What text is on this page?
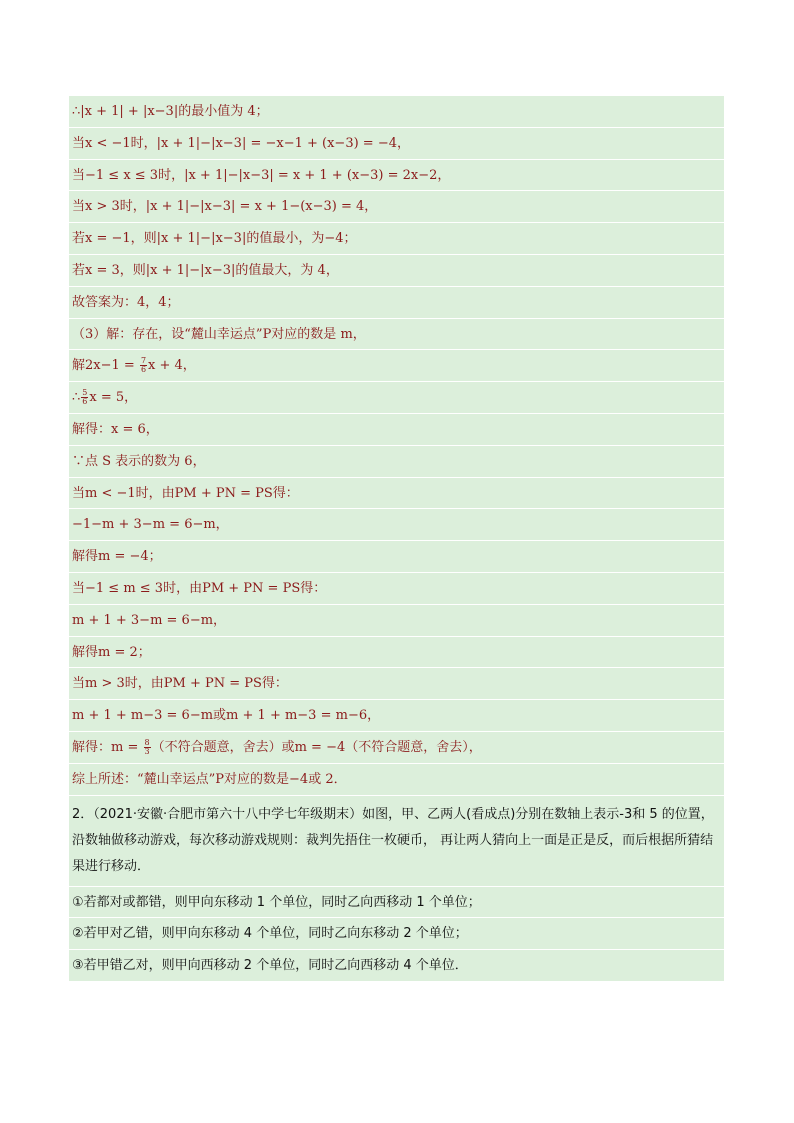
∴|x + 1| + |x−3|的最小值为 4；
当x < −1时，|x + 1|−|x−3| = −x−1 + (x−3) = −4，
当−1 ≤ x ≤ 3时，|x + 1|−|x−3| = x + 1 + (x−3) = 2x−2，
当x > 3时，|x + 1|−|x−3| = x + 1−(x−3) = 4，
若x = −1，则|x + 1|−|x−3|的值最小，为−4；
若x = 3，则|x + 1|−|x−3|的值最大，为 4，
故答案为：4，4；
（3）解：存在，设“麓山幸运点”P对应的数是 m，
解$2x-1 = \frac{7}{6}$ x + 4，
∴ $\frac{5}{6}$ x = 5，
解得：x = 6，
∵点 S 表示的数为 6，
当m < −1时，由PM + PN = PS得：
−1−m + 3−m = 6−m，
解得m = −4；
当−1 ≤ m ≤ 3时，由PM + PN = PS得：
m + 1 + 3−m = 6−m，
解得m = 2；
当m > 3时，由PM + PN = PS得：
m + 1 + m−3 = 6−m或m + 1 + m−3 = m−6，
解得：$m = \frac{8}{3}$ （不符合题意，舍去）或m = −4（不符合题意，舍去），
综上所述：“麓山幸运点”P对应的数是−4或 2．
2．（2021·安徽·合肥市第六十八中学七年级期末）如图，甲、乙两人(看成点)分别在数轴上表示-3和 5 的位置，沿数轴做移动游戏，每次移动游戏规则：裁判先捂住一枚硬币， 再让两人猜向上一面是正是反，而后根据所猜结果进行移动．
①若都对或都错，则甲向东移动 1 个单位，同时乙向西移动 1 个单位；
②若甲对乙错，则甲向东移动 4 个单位，同时乙向东移动 2 个单位；
③若甲错乙对，则甲向西移动 2 个单位，同时乙向西移动 4 个单位．
